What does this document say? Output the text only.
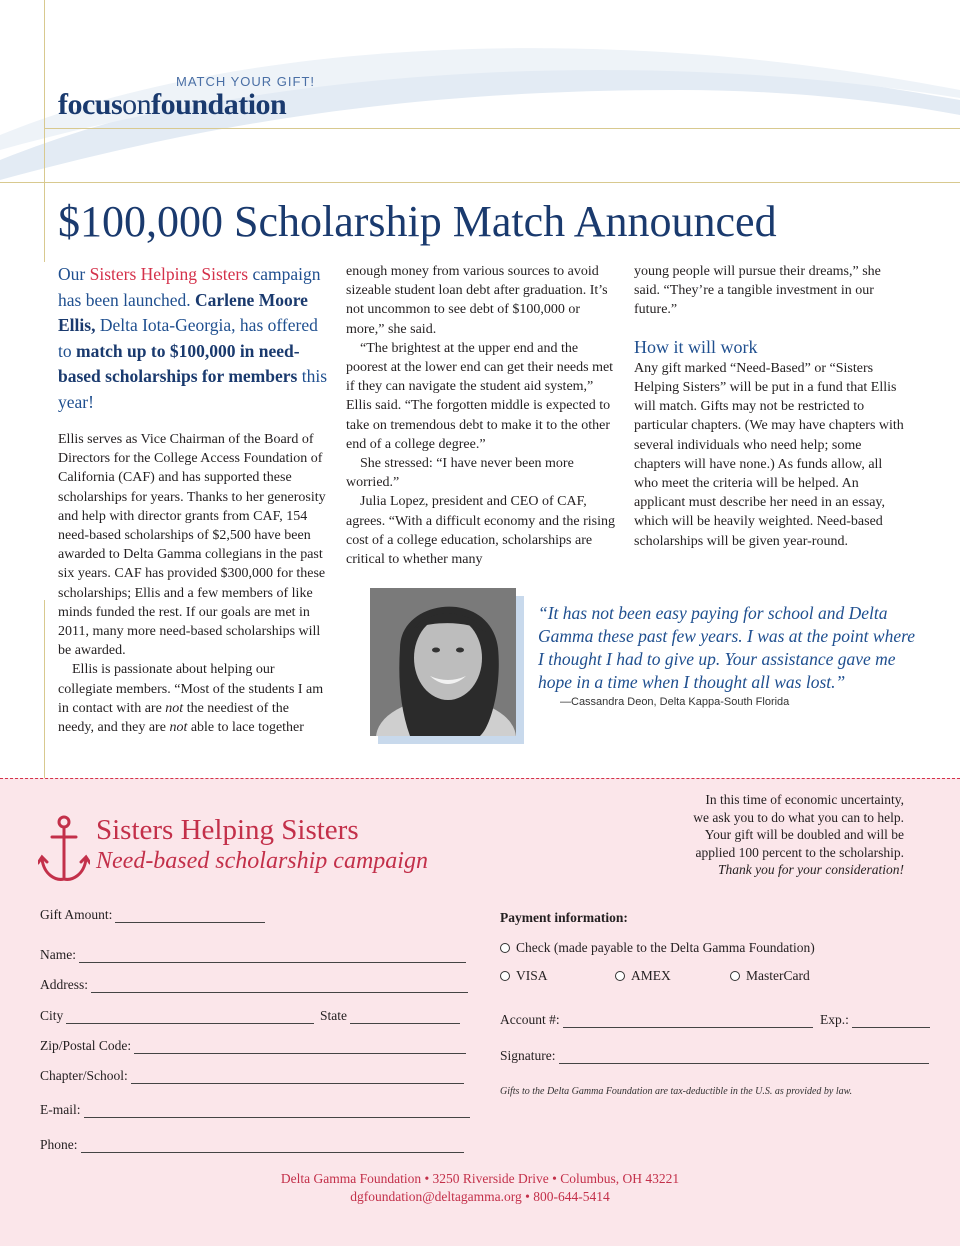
MATCH YOUR GIFT!
focusonfoundation
$100,000 Scholarship Match Announced
Our Sisters Helping Sisters campaign has been launched. Carlene Moore Ellis, Delta Iota-Georgia, has offered to match up to $100,000 in need-based scholarships for members this year!

Ellis serves as Vice Chairman of the Board of Directors for the College Access Foundation of California (CAF) and has supported these scholarships for years. Thanks to her generosity and help with director grants from CAF, 154 need-based scholarships of $2,500 have been awarded to Delta Gamma collegians in the past six years. CAF has provided $300,000 for these scholarships; Ellis and a few members of like minds funded the rest. If our goals are met in 2011, many more need-based scholarships will be awarded.

Ellis is passionate about helping our collegiate members. “Most of the students I am in contact with are not the neediest of the needy, and they are not able to lace together

enough money from various sources to avoid sizeable student loan debt after graduation. It’s not uncommon to see debt of $100,000 or more,” she said.

“The brightest at the upper end and the poorest at the lower end can get their needs met if they can navigate the student aid system,” Ellis said. “The forgotten middle is expected to take on tremendous debt to make it to the other end of a college degree.”

She stressed: “I have never been more worried.”

Julia Lopez, president and CEO of CAF, agrees. “With a difficult economy and the rising cost of a college education, scholarships are critical to whether many

young people will pursue their dreams,” she said. “They’re a tangible investment in our future.”

How it will work

Any gift marked “Need-Based” or “Sisters Helping Sisters” will be put in a fund that Ellis will match. Gifts may not be restricted to particular chapters. (We may have chapters with several individuals who need help; some chapters will have none.) As funds allow, all who meet the criteria will be helped. An applicant must describe her need in an essay, which will be heavily weighted. Need-based scholarships will be given year-round.

“It has not been easy paying for school and Delta Gamma these past few years. I was at the point where I thought I had to give up. Your assistance gave me hope in a time when I thought all was lost.”
—Cassandra Deon, Delta Kappa-South Florida
Sisters Helping Sisters
Need-based scholarship campaign
In this time of economic uncertainty,
we ask you to do what you can to help.
Your gift will be doubled and will be
applied 100 percent to the scholarship.
Thank you for your consideration!
Gift Amount:
Name:
Address:
City	State
Zip/Postal Code:
Chapter/School:
E-mail:
Phone:
Payment information:
Check (made payable to the Delta Gamma Foundation)
VISA	AMEX	MasterCard
Account #:	Exp.:
Signature:
Gifts to the Delta Gamma Foundation are tax-deductible in the U.S. as provided by law.
Delta Gamma Foundation • 3250 Riverside Drive • Columbus, OH 43221
dgfoundation@deltagamma.org • 800-644-5414
